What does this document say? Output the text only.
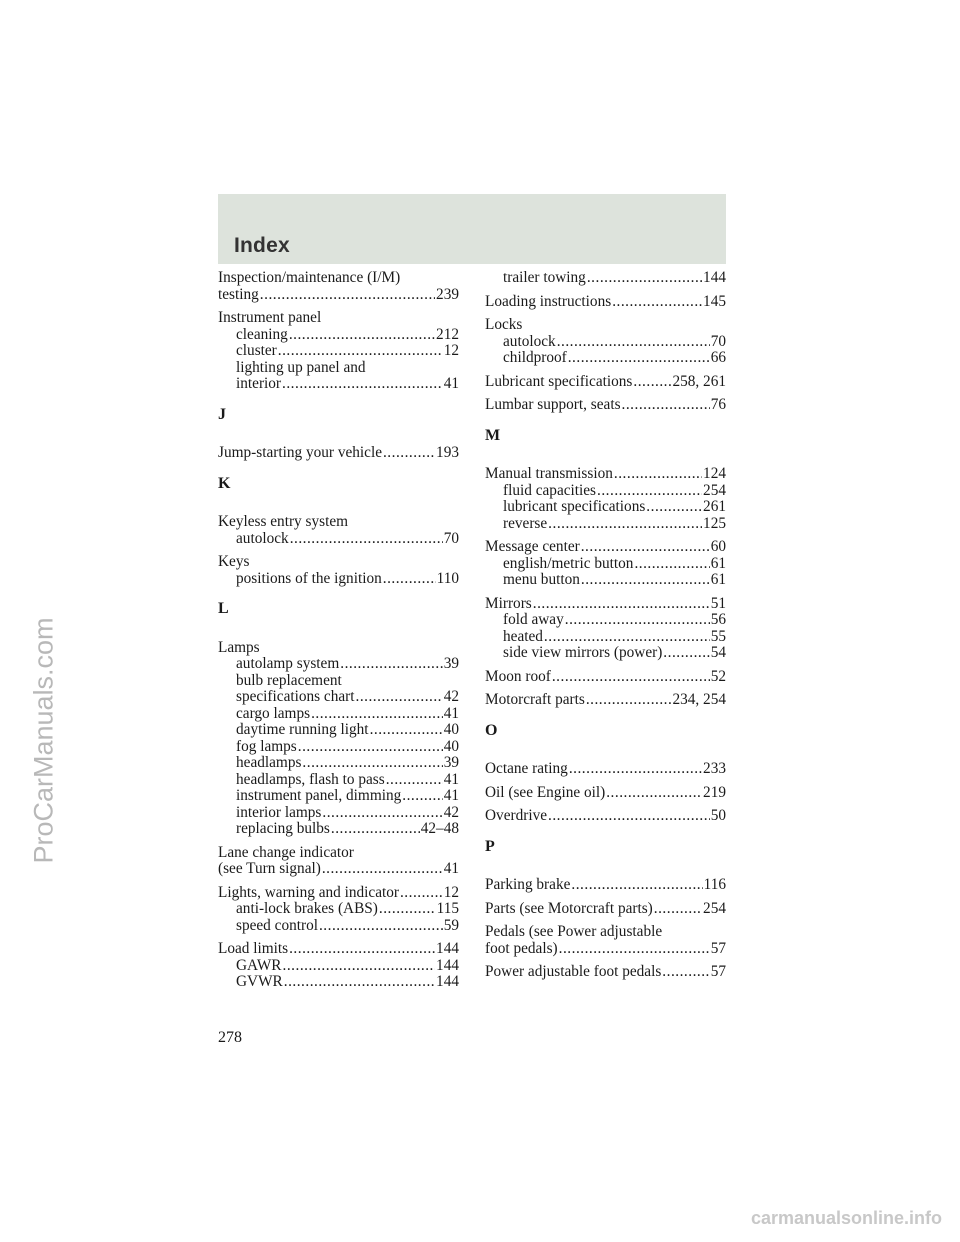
Index
Inspection/maintenance (I/M)
testing .....	239
Instrument panel
cleaning .....	212
cluster .....	12
lighting up panel and
interior .....	41
J
Jump-starting your vehicle .....	193
K
Keyless entry system
autolock .....	70
Keys
positions of the ignition .....	110
L
Lamps
autolamp system .....	39
bulb replacement
specifications chart .....	42
cargo lamps .....	41
daytime running light .....	40
fog lamps .....	40
headlamps .....	39
headlamps, flash to pass .....	41
instrument panel, dimming .....	41
interior lamps .....	42
replacing bulbs .....	42–48
Lane change indicator
(see Turn signal) .....	41
Lights, warning and indicator .....	12
anti-lock brakes (ABS) .....	115
speed control .....	59
Load limits .....	144
GAWR .....	144
GVWR .....	144
trailer towing .....	144
Loading instructions .....	145
Locks
autolock .....	70
childproof .....	66
Lubricant specifications .....	258, 261
Lumbar support, seats .....	76
M
Manual transmission .....	124
fluid capacities .....	254
lubricant specifications .....	261
reverse .....	125
Message center .....	60
english/metric button .....	61
menu button .....	61
Mirrors .....	51
fold away .....	56
heated .....	55
side view mirrors (power) .....	54
Moon roof .....	52
Motorcraft parts .....	234, 254
O
Octane rating .....	233
Oil (see Engine oil) .....	219
Overdrive .....	50
P
Parking brake .....	116
Parts (see Motorcraft parts) .....	254
Pedals (see Power adjustable
foot pedals) .....	57
Power adjustable foot pedals .....	57
278
ProCarManuals.com
carmanualsonline.info
